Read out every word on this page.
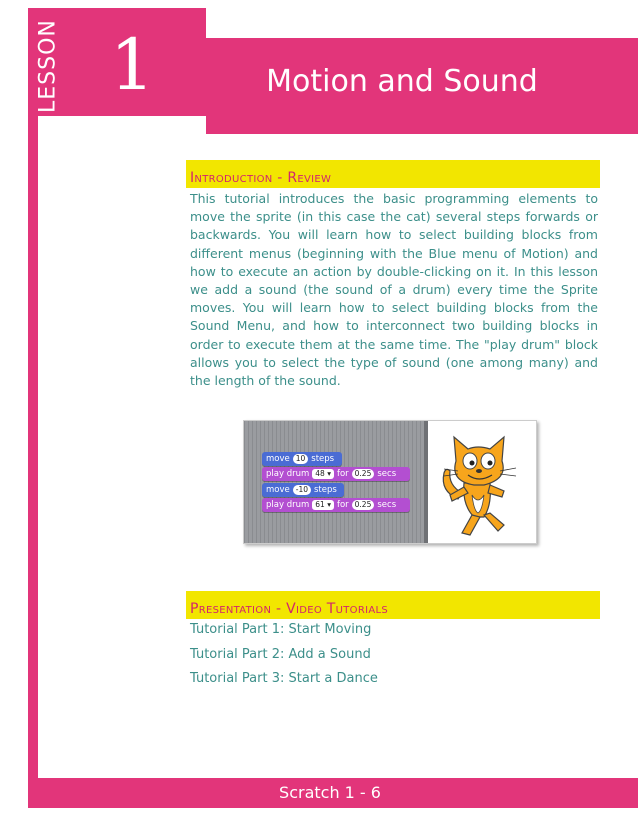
LESSON 1	Motion and Sound
Introduction - Review
This tutorial introduces the basic programming elements to move the sprite (in this case the cat) several steps forwards or backwards. You will learn how to select building blocks from different menus (beginning with the Blue menu of Motion) and how to execute an action by double-clicking on it. In this lesson we add a sound (the sound of a drum) every time the Sprite moves. You will learn how to select building blocks from the Sound Menu, and how to interconnect two building blocks in order to execute them at the same time. The "play drum" block allows you to select the type of sound (one among many) and the length of the sound.
move 10 steps
play drum 48 ▾ for 0.25 secs
move -10 steps
play drum 61 ▾ for 0.25 secs
Presentation - Video Tutorials
Tutorial Part 1: Start Moving
Tutorial Part 2: Add a Sound
Tutorial Part 3: Start a Dance
Scratch 1 - 6
